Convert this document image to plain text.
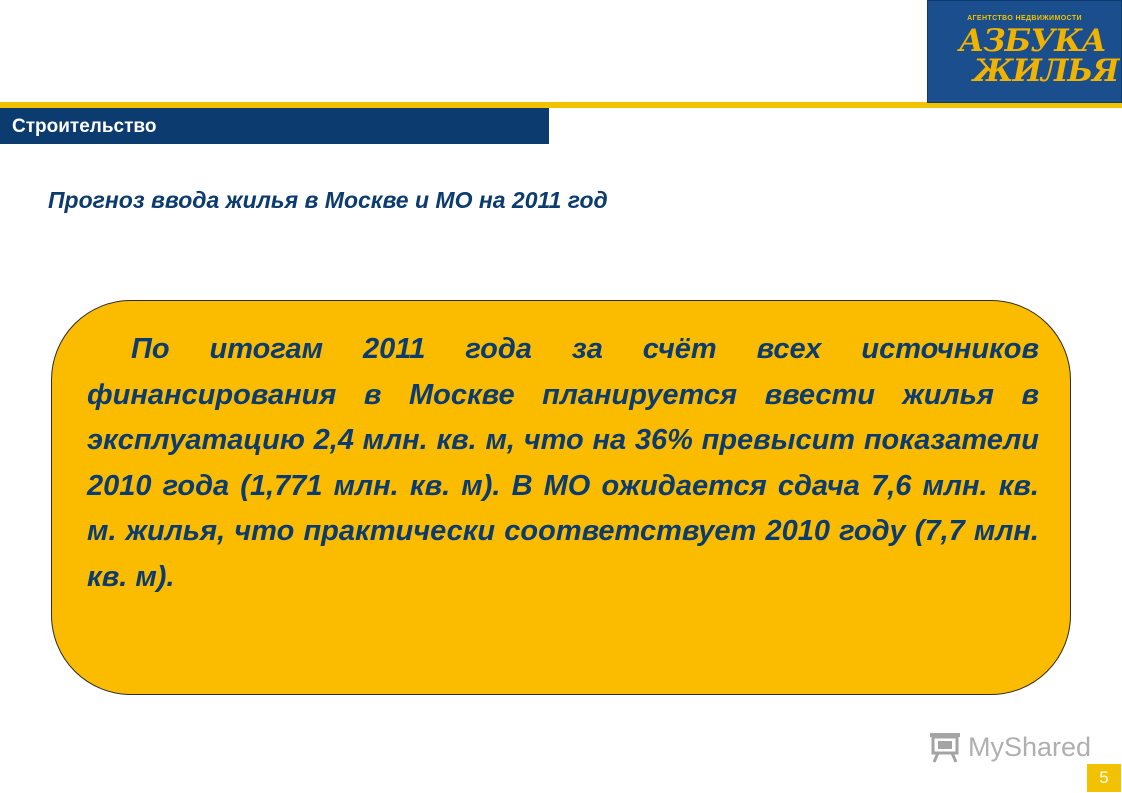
Строительство
АГЕНТСТВО НЕДВИЖИМОСТИ
АЗБУКА
ЖИЛЬЯ
Прогноз ввода жилья в Москве и МО на 2011 год

По итогам 2011 года за счёт всех источников финансирования в Москве планируется ввести жилья в эксплуатацию 2,4 млн. кв. м, что на 36% превысит показатели 2010 года (1,771 млн. кв. м). В МО ожидается сдача 7,6 млн. кв. м. жилья, что практически соответствует 2010 году (7,7 млн. кв. м).

MyShared
5
